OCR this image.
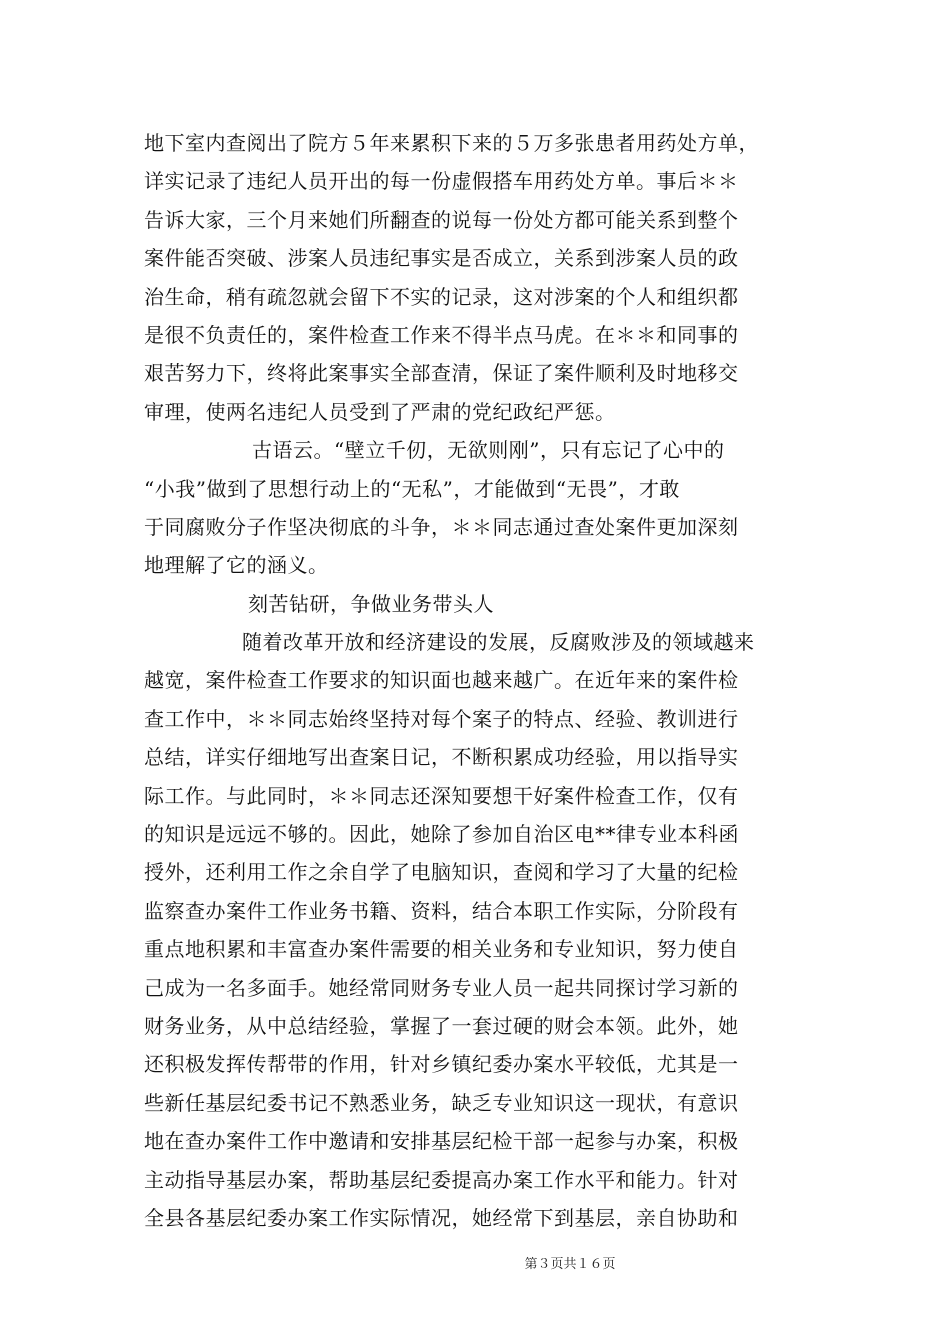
地下室内查阅出了院方５年来累积下来的５万多张患者用药处方单，
详实记录了违纪人员开出的每一份虚假搭车用药处方单。事后＊＊
告诉大家，三个月来她们所翻查的说每一份处方都可能关系到整个
案件能否突破、涉案人员违纪事实是否成立，关系到涉案人员的政
治生命，稍有疏忽就会留下不实的记录，这对涉案的个人和组织都
是很不负责任的，案件检查工作来不得半点马虎。在＊＊和同事的
艰苦努力下，终将此案事实全部查清，保证了案件顺利及时地移交
审理，使两名违纪人员受到了严肃的党纪政纪严惩。
古语云。“壁立千仞，无欲则刚”，只有忘记了心中的
“小我”做到了思想行动上的“无私”，才能做到“无畏”，才敢
于同腐败分子作坚决彻底的斗争，＊＊同志通过查处案件更加深刻
地理解了它的涵义。
刻苦钻研，争做业务带头人
随着改革开放和经济建设的发展，反腐败涉及的领域越来
越宽，案件检查工作要求的知识面也越来越广。在近年来的案件检
查工作中，＊＊同志始终坚持对每个案子的特点、经验、教训进行
总结，详实仔细地写出查案日记，不断积累成功经验，用以指导实
际工作。与此同时，＊＊同志还深知要想干好案件检查工作，仅有
的知识是远远不够的。因此，她除了参加自治区电**律专业本科函
授外，还利用工作之余自学了电脑知识，查阅和学习了大量的纪检
监察查办案件工作业务书籍、资料，结合本职工作实际，分阶段有
重点地积累和丰富查办案件需要的相关业务和专业知识，努力使自
己成为一名多面手。她经常同财务专业人员一起共同探讨学习新的
财务业务，从中总结经验，掌握了一套过硬的财会本领。此外，她
还积极发挥传帮带的作用，针对乡镇纪委办案水平较低，尤其是一
些新任基层纪委书记不熟悉业务，缺乏专业知识这一现状，有意识
地在查办案件工作中邀请和安排基层纪检干部一起参与办案，积极
主动指导基层办案，帮助基层纪委提高办案工作水平和能力。针对
全县各基层纪委办案工作实际情况，她经常下到基层，亲自协助和
第３页共１６页
